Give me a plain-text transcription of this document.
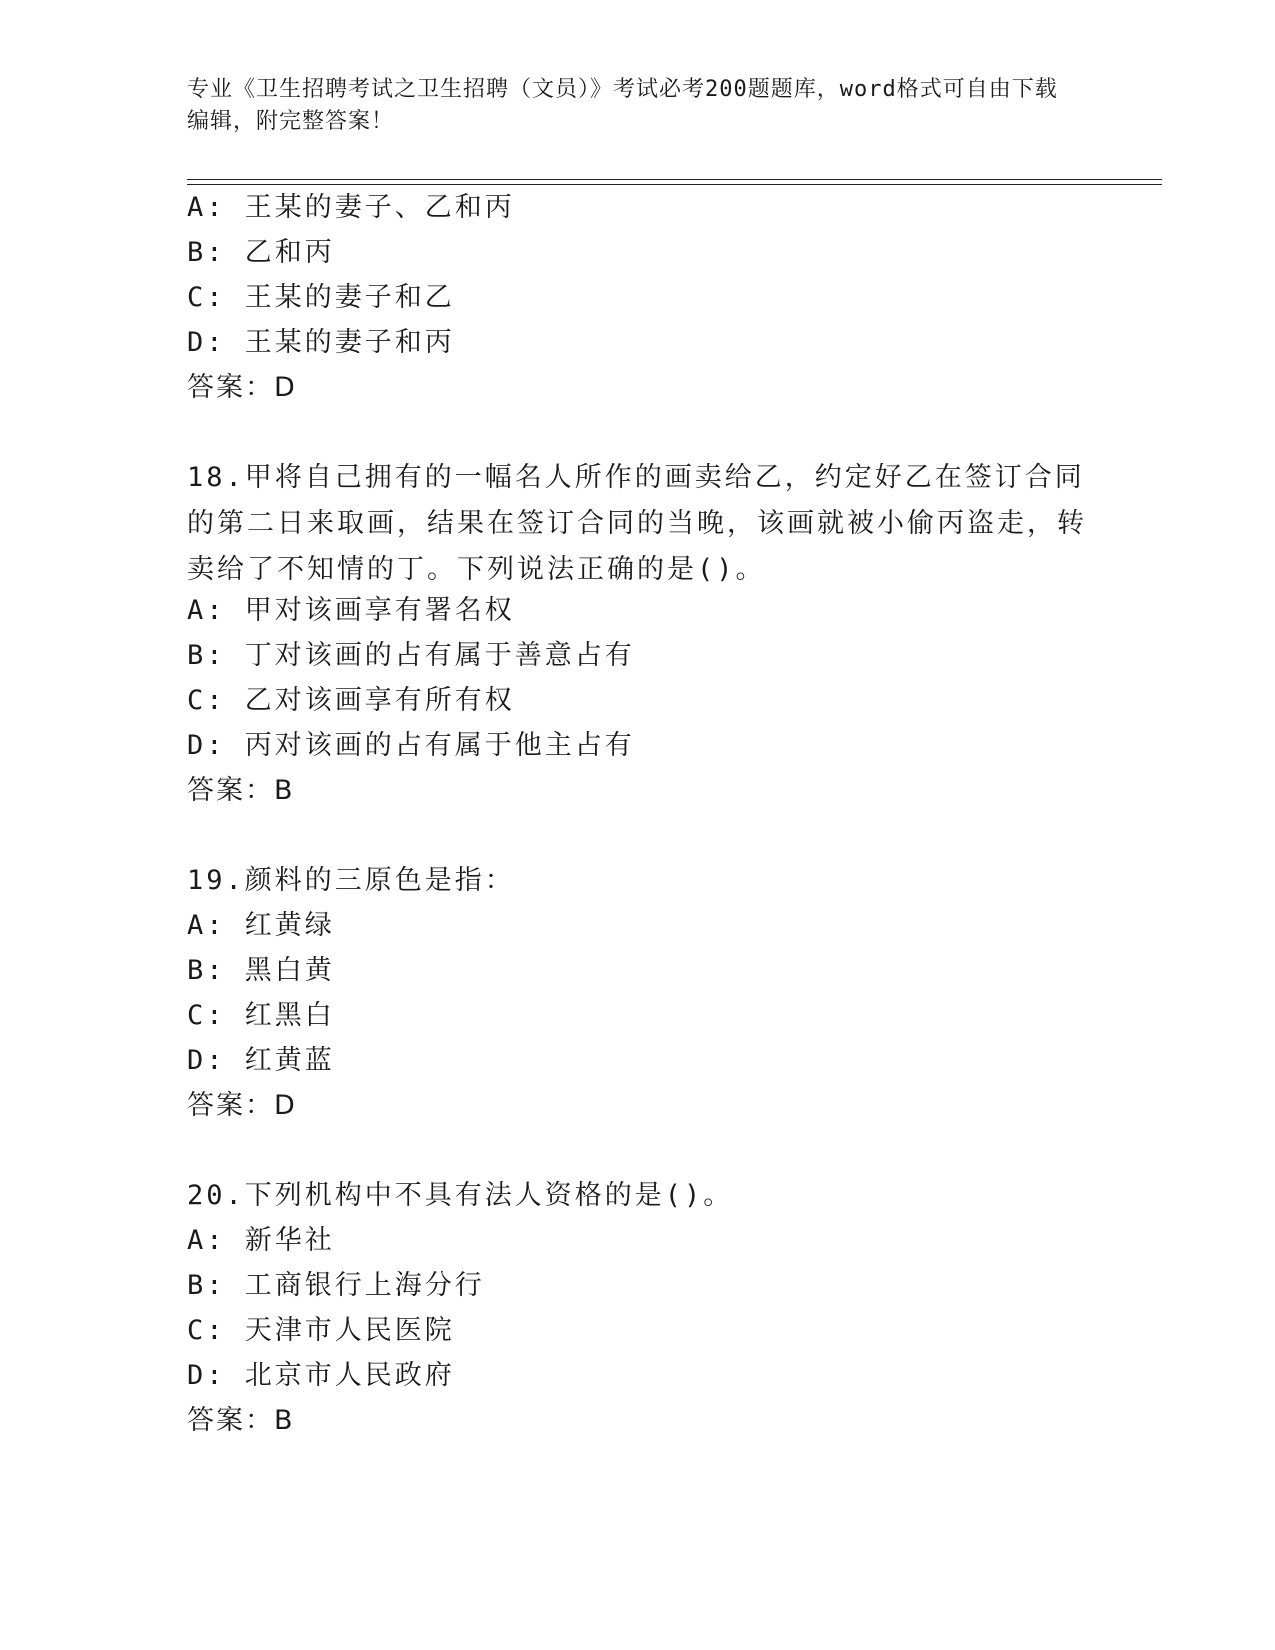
专业《卫生招聘考试之卫生招聘（文员）》考试必考200题题库，word格式可自由下载编辑，附完整答案！
A: 王某的妻子、乙和丙
B: 乙和丙
C: 王某的妻子和乙
D: 王某的妻子和丙
答案：D
18.甲将自己拥有的一幅名人所作的画卖给乙，约定好乙在签订合同的第二日来取画，结果在签订合同的当晚，该画就被小偷丙盗走，转卖给了不知情的丁。下列说法正确的是()。
A: 甲对该画享有署名权
B: 丁对该画的占有属于善意占有
C: 乙对该画享有所有权
D: 丙对该画的占有属于他主占有
答案：B
19.颜料的三原色是指：
A: 红黄绿
B: 黑白黄
C: 红黑白
D: 红黄蓝
答案：D
20.下列机构中不具有法人资格的是()。
A: 新华社
B: 工商银行上海分行
C: 天津市人民医院
D: 北京市人民政府
答案：B
